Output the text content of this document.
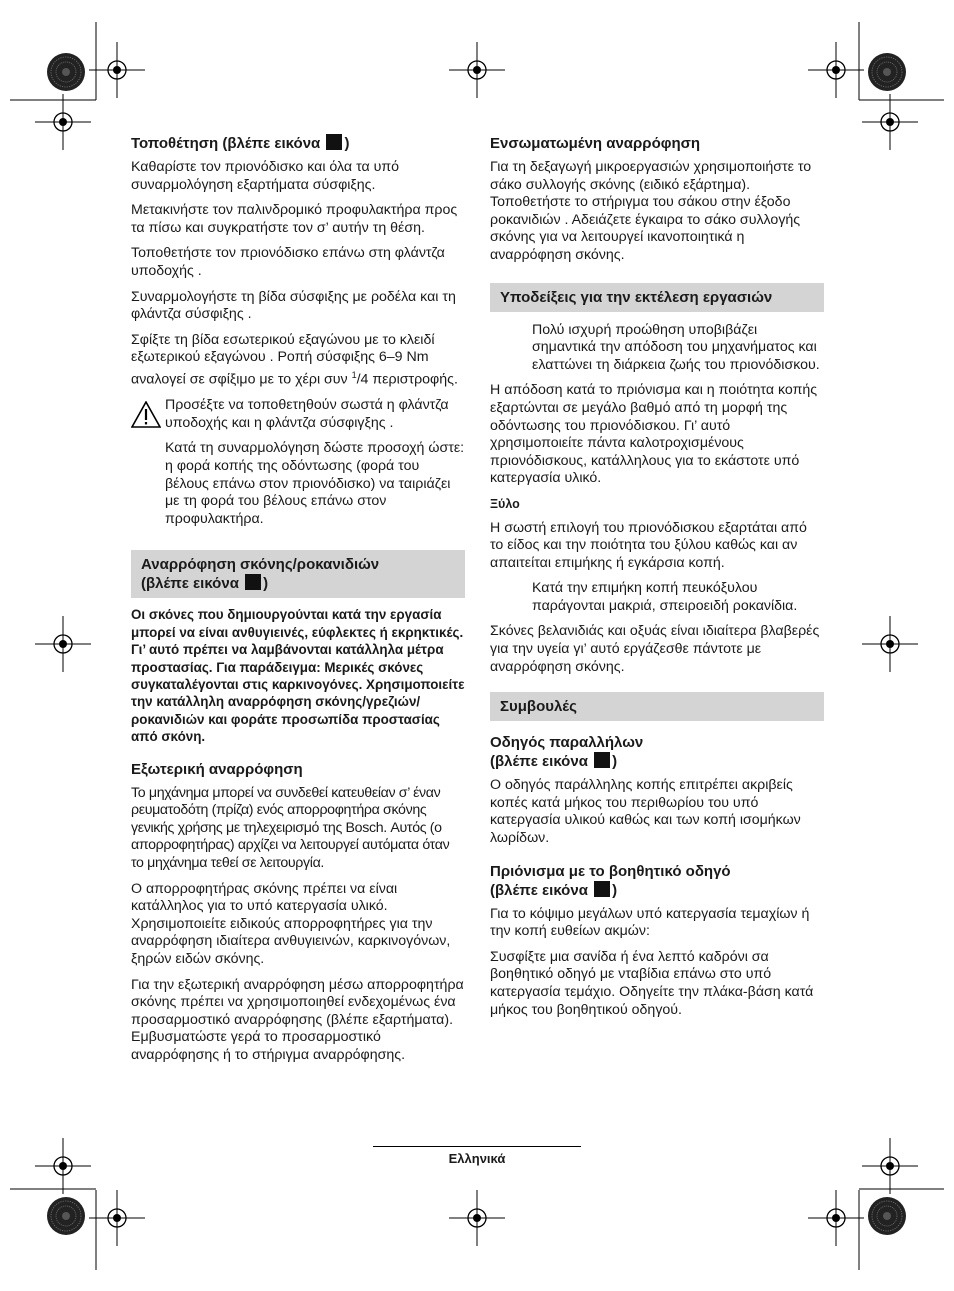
Τοποθέτηση (βλέπε εικόνα )

Καθαρίστε τον πριονόδισκο και όλα τα υπό συναρμολόγηση εξαρτήματα σύσφιξης.

Μετακινήστε τον παλινδρομικό προφυλακτήρα προς τα πίσω και συγκρατήστε τον σ’ αυτήν τη θέση.

Τοποθετήστε τον πριονόδισκο επάνω στη φλάντζα υποδοχής .

Συναρμολογήστε τη βίδα σύσφιξης με ροδέλα και τη φλάντζα σύσφιξης .

Σφίξτε τη βίδα εσωτερικού εξαγώνου με το κλειδί εξωτερικού εξαγώνου . Ροπή σύσφιξης 6–9 Nm αναλογεί σε σφίξιμο με το χέρι συν $^1$/4 περιστροφής.

Προσέξτε να τοποθετηθούν σωστά η φλάντζα υποδοχής και η φλάντζα σύσφιγξης .

Κατά τη συναρμολόγηση δώστε προσοχή ώστε: η φορά κοπής της οδόντωσης (φορά του βέλους επάνω στον πριονόδισκο) να ταιριάζει με τη φορά του βέλους επάνω στον προφυλακτήρα.

Αναρρόφηση σκόνης/ροκανιδιών
(βλέπε εικόνα )

Οι σκόνες που δημιουργούνται κατά την εργασία μπορεί να είναι ανθυγιεινές, εύφλεκτες ή εκρηκτικές. Γι’ αυτό πρέπει να λαμβάνονται κατάλληλα μέτρα προστασίας. Για παράδειγμα: Μερικές σκόνες συγκαταλέγονται στις καρκινογόνες. Χρησιμοποιείτε την κατάλληλη αναρρόφηση σκόνης/γρεζιών/ροκανιδιών και φοράτε προσωπίδα προστασίας από σκόνη.

Εξωτερική αναρρόφηση

Το μηχάνημα μπορεί να συνδεθεί κατευθείαν σ’ έναν ρευματοδότη (πρίζα) ενός απορροφητήρα σκόνης γενικής χρήσης με τηλεχειρισμό της Bosch. Αυτός (ο απορροφητήρας) αρχίζει να λειτουργεί αυτόματα όταν το μηχάνημα τεθεί σε λειτουργία.

Ο απορροφητήρας σκόνης πρέπει να είναι κατάλληλος για το υπό κατεργασία υλικό. Χρησιμοποιείτε ειδικούς απορροφητήρες για την αναρρόφηση ιδιαίτερα ανθυγιεινών, καρκινογόνων, ξηρών ειδών σκόνης.

Για την εξωτερική αναρρόφηση μέσω απορροφητήρα σκόνης πρέπει να χρησιμοποιηθεί ενδεχομένως ένα προσαρμοστικό αναρρόφησης (βλέπε εξαρτήματα). Εμβυσματώστε γερά το προσαρμοστικό αναρρόφησης ή το στήριγμα αναρρόφησης.

Ενσωματωμένη αναρρόφηση

Για τη δεξαγωγή μικροεργασιών χρησιμοποιήστε το σάκο συλλογής σκόνης (ειδικό εξάρτημα). Τοποθετήστε το στήριγμα του σάκου στην έξοδο ροκανιδιών . Αδειάζετε έγκαιρα το σάκο συλλογής σκόνης για να λειτουργεί ικανοποιητικά η αναρρόφηση σκόνης.

Υποδείξεις για την εκτέλεση εργασιών

Πολύ ισχυρή προώθηση υποβιβάζει σημαντικά την απόδοση του μηχανήματος και ελαττώνει τη διάρκεια ζωής του πριονόδισκου.

Η απόδοση κατά το πριόνισμα και η ποιότητα κοπής εξαρτώνται σε μεγάλο βαθμό από τη μορφή της οδόντωσης του πριονόδισκου. Γι’ αυτό χρησιμοποιείτε πάντα καλοτροχισμένους πριονόδισκους, κατάλληλους για το εκάστοτε υπό κατεργασία υλικό.

Ξύλο

Η σωστή επιλογή του πριονόδισκου εξαρτάται από το είδος και την ποιότητα του ξύλου καθώς και αν απαιτείται επιμήκης ή εγκάρσια κοπή.

Κατά την επιμήκη κοπή πευκόξυλου παράγονται μακριά, σπειροειδή ροκανίδια.

Σκόνες βελανιδιάς και οξυάς είναι ιδιαίτερα βλαβερές για την υγεία γι’ αυτό εργάζεσθε πάντοτε με αναρρόφηση σκόνης.

Συμβουλές
Οδηγός παραλλήλων
(βλέπε εικόνα )

Ο οδηγός παράλληλης κοπής επιτρέπει ακριβείς κοπές κατά μήκος του περιθωρίου του υπό κατεργασία υλικού καθώς και των κοπή ισομήκων λωρίδων.

Πριόνισμα με το βοηθητικό οδηγό
(βλέπε εικόνα )

Για το κόψιμο μεγάλων υπό κατεργασία τεμαχίων ή την κοπή ευθείων ακμών:

Συσφίξτε μια σανίδα ή ένα λεπτό καδρόνι σα βοηθητικό οδηγό με νταβίδια επάνω στο υπό κατεργασία τεμάχιο. Οδηγείτε την πλάκα-βάση κατά μήκος του βοηθητικού οδηγού.

Ελληνικά
